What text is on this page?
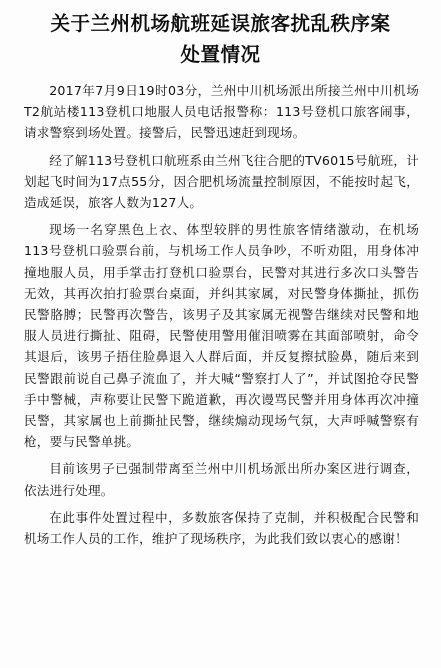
关于兰州机场航班延误旅客扰乱秩序案
处置情况

2017年7月9日19时03分，兰州中川机场派出所接兰州中川机场T2航站楼113登机口地服人员电话报警称：113号登机口旅客闹事，请求警察到场处置。接警后，民警迅速赶到现场。

经了解113号登机口航班系由兰州飞往合肥的TV6015号航班，计划起飞时间为17点55分，因合肥机场流量控制原因，不能按时起飞，造成延误，旅客人数为127人。

现场一名穿黑色上衣、体型较胖的男性旅客情绪激动，在机场113号登机口验票台前，与机场工作人员争吵，不听劝阻，用身体冲撞地服人员，用手掌击打登机口验票台，民警对其进行多次口头警告无效，其再次拍打验票台桌面，并纠其家属，对民警身体撕扯，抓伤民警胳膊；民警再次警告，该男子及其家属无视警告继续对民警和地服人员进行撕扯、阻碍，民警使用警用催泪喷雾在其面部喷射，命令其退后，该男子捂住脸鼻退入人群后面，并反复擦拭脸鼻，随后来到民警跟前说自己鼻子流血了，并大喊“警察打人了”，并试图抢夺民警手中警械，声称要让民警下跪道歉，再次谩骂民警并用身体再次冲撞民警，其家属也上前撕扯民警，继续煽动现场气氛，大声呼喊警察有枪，要与民警单挑。

目前该男子已强制带离至兰州中川机场派出所办案区进行调查，依法进行处理。

在此事件处置过程中，多数旅客保持了克制，并积极配合民警和机场工作人员的工作，维护了现场秩序，为此我们致以衷心的感谢！
